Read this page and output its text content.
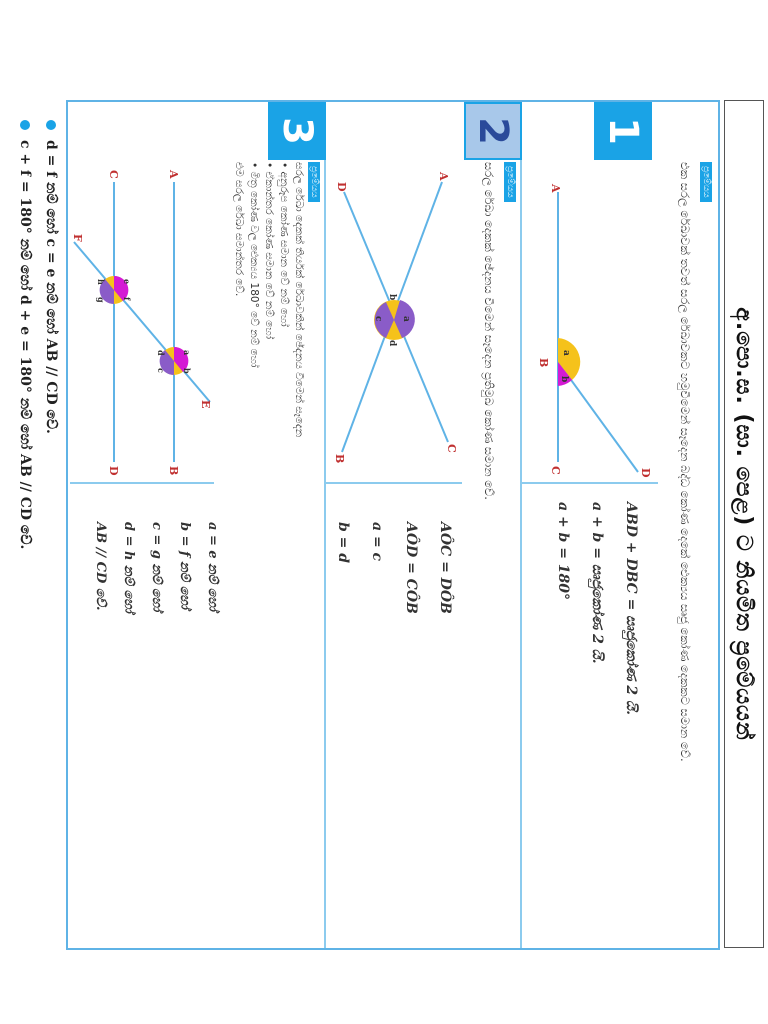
අ.පො.ස. (සා. පෙළ) ට නියමිත ප්‍රමේයයන්
1
ප්‍රමේයය
එක සරල රේඛාවක් තවත් සරල රේඛාවකට හමුවීමෙන් සෑදෙන බද්ධ කෝණ දෙකේ ඓක්‍යය සෘජු කෝණ දෙකකට සමාන වේ.
A
B
C	D
a
b
ABD + DBC = සෘජුකෝණ 2 යි.
a + b = සෘජුකෝණ 2 යි.
a + b = 180°
2
ප්‍රමේයය
සරල රේඛා දෙකක් ඡේදනය වීමෙන් සෑදෙන ප්‍රතිමුඛ කෝණ සමාන වේ.
A
B
C
D
a
b
c
d
AÔC = DÔB
AÔD = CÔB
a = c
b = d
3
ප්‍රමේයය
සරල රේඛා දෙකක් තිර්යක් රේඛාවකින් ඡේදනය වීමෙන් සෑදෙන
• අනුරූප කෝණ සමාන වේ නම් හෝ
• ඒකාන්තර කෝණ සමාන වේ නම් හෝ
• මිත්‍ර කෝණ වල ඓක්‍යය 180° වේ නම් හෝ
එම සරල රේඛා සමාන්තර වේ.
A
B
C
D
E
F
a
b
c
d
e
f
g
h
a = e නම් හෝ
b = f නම් හෝ
c = g නම් හෝ
d = h නම් හෝ
AB // CD වේ.
d = f නම් හෝ c = e නම් හෝ AB // CD වේ.
c + f = 180° නම් හෝ d + e = 180° නම් හෝ AB // CD වේ.
